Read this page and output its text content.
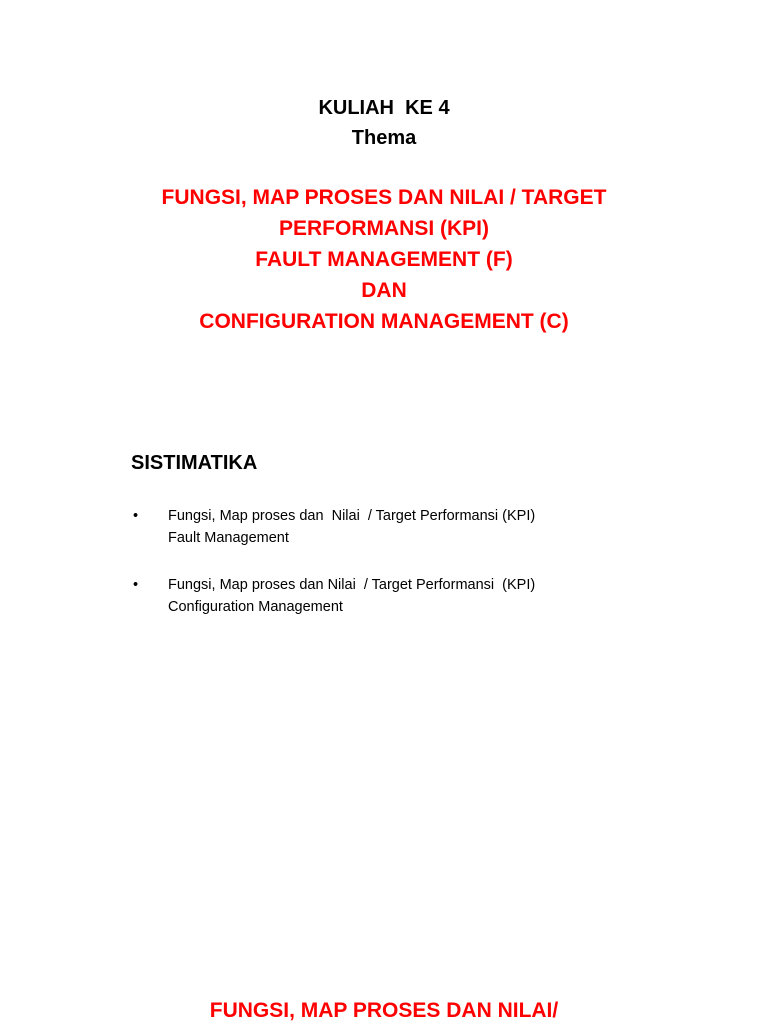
KULIAH  KE 4
Thema
FUNGSI, MAP PROSES DAN NILAI / TARGET
PERFORMANSI (KPI)
FAULT MANAGEMENT (F)
DAN
CONFIGURATION MANAGEMENT (C)
SISTIMATIKA
• Fungsi, Map proses dan  Nilai  / Target Performansi (KPI)
Fault Management
• Fungsi, Map proses dan Nilai  / Target Performansi  (KPI)
Configuration Management
FUNGSI, MAP PROSES DAN NILAI/
